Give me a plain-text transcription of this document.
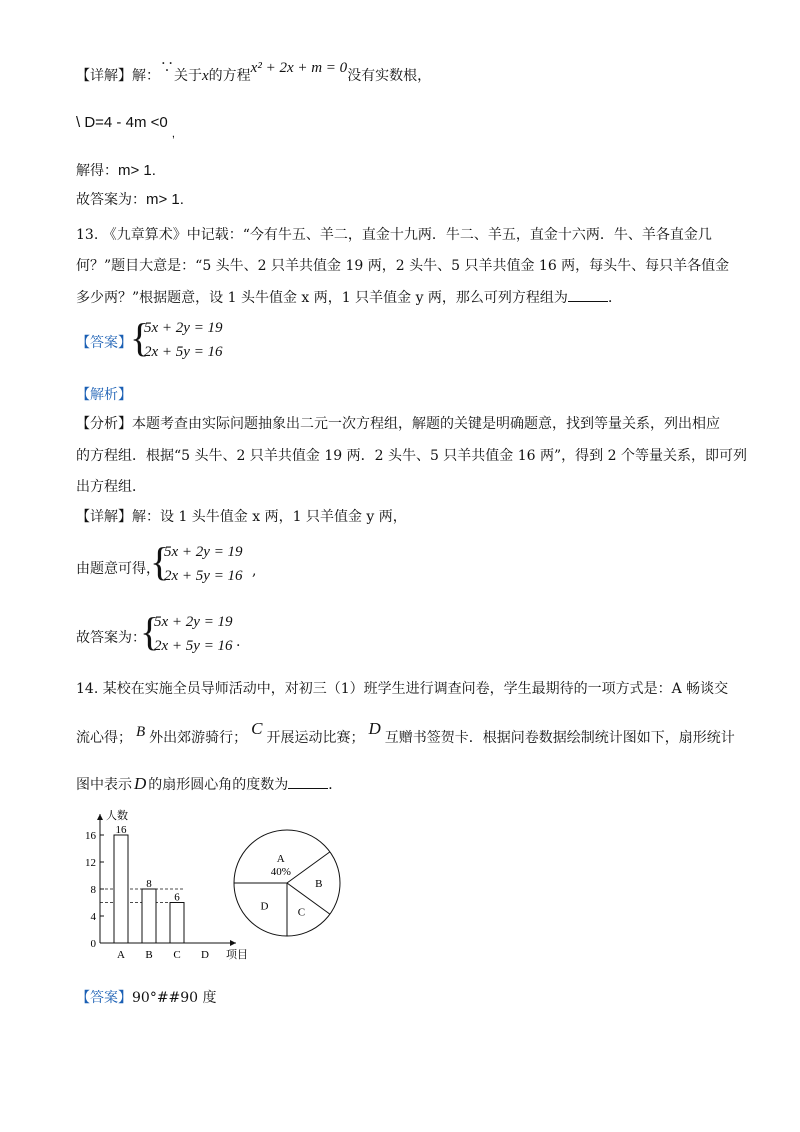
【详解】解：∵关于x的方程x² + 2x + m = 0没有实数根，
\ $D=4 - 4m <0_,$
解得：m> 1.
故答案为：m> 1.
13. 《九章算术》中记载：“今有牛五、羊二，直金十九两．牛二、羊五，直金十六两．牛、羊各直金几
何？”题目大意是：“5 头牛、2 只羊共值金 19 两，2 头牛、5 只羊共值金 16 两，每头牛、每只羊各值金
多少两？”根据题意，设 1 头牛值金 x 两，1 只羊值金 y 两，那么可列方程组为	．
【答案】
{
5x + 2y = 19
2x + 5y = 16
【解析】
【分析】本题考查由实际问题抽象出二元一次方程组，解题的关键是明确题意，找到等量关系，列出相应
的方程组．根据“5 头牛、2 只羊共值金 19 两．2 头牛、5 只羊共值金 16 两”，得到 2 个等量关系，即可列
出方程组．
【详解】解：设 1 头牛值金 x 两，1 只羊值金 y 两，
由题意可得，
{
5x + 2y = 19
2x + 5y = 16 ,
故答案为：
{
5x + 2y = 19
2x + 5y = 16 .
14. 某校在实施全员导师活动中，对初三（1）班学生进行调查问卷，学生最期待的一项方式是：A 畅谈交
流心得； B 外出郊游骑行； C 开展运动比赛； D 互赠书签贺卡．根据问卷数据绘制统计图如下，扇形统计
图中表示 D 的扇形圆心角的度数为	．
0
4
8
12
16 16
A
8
B
6
C D 项目
人数
A
40%
B
C
D
【答案】90°##90 度
